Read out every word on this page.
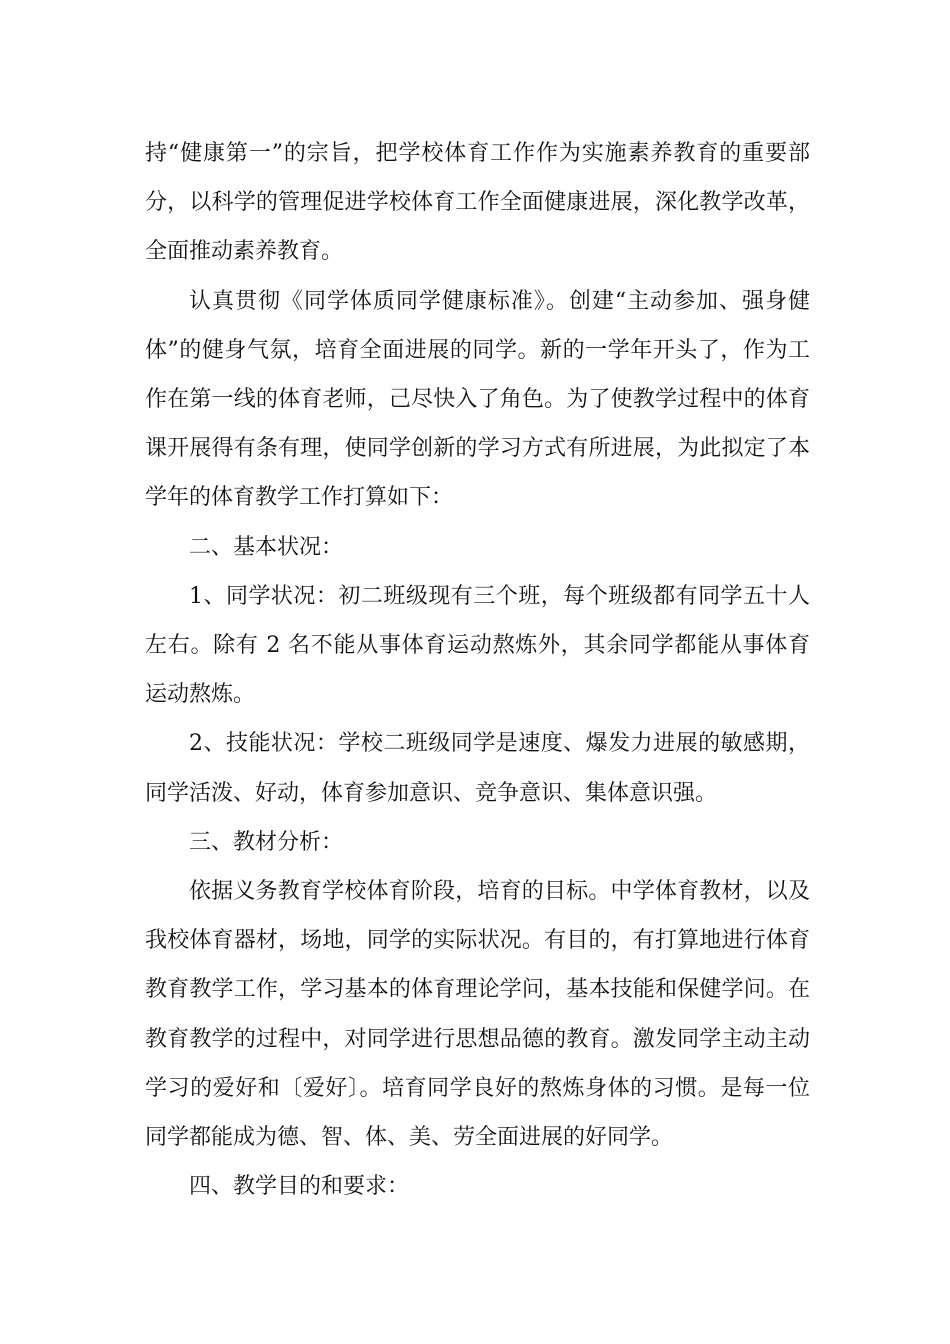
持“健康第一”的宗旨，把学校体育工作作为实施素养教育的重要部分，以科学的管理促进学校体育工作全面健康进展，深化教学改革，全面推动素养教育。

认真贯彻《同学体质同学健康标准》。创建“主动参加、强身健体”的健身气氛，培育全面进展的同学。新的一学年开头了，作为工作在第一线的体育老师，己尽快入了角色。为了使教学过程中的体育课开展得有条有理，使同学创新的学习方式有所进展，为此拟定了本学年的体育教学工作打算如下：

二、基本状况：

1、同学状况：初二班级现有三个班，每个班级都有同学五十人左右。除有 2 名不能从事体育运动熬炼外，其余同学都能从事体育运动熬炼。

2、技能状况：学校二班级同学是速度、爆发力进展的敏感期，同学活泼、好动，体育参加意识、竞争意识、集体意识强。

三、教材分析：

依据义务教育学校体育阶段，培育的目标。中学体育教材，以及我校体育器材，场地，同学的实际状况。有目的，有打算地进行体育教育教学工作，学习基本的体育理论学问，基本技能和保健学问。在教育教学的过程中，对同学进行思想品德的教育。激发同学主动主动学习的爱好和〔爱好〕。培育同学良好的熬炼身体的习惯。是每一位同学都能成为德、智、体、美、劳全面进展的好同学。

四、教学目的和要求：
